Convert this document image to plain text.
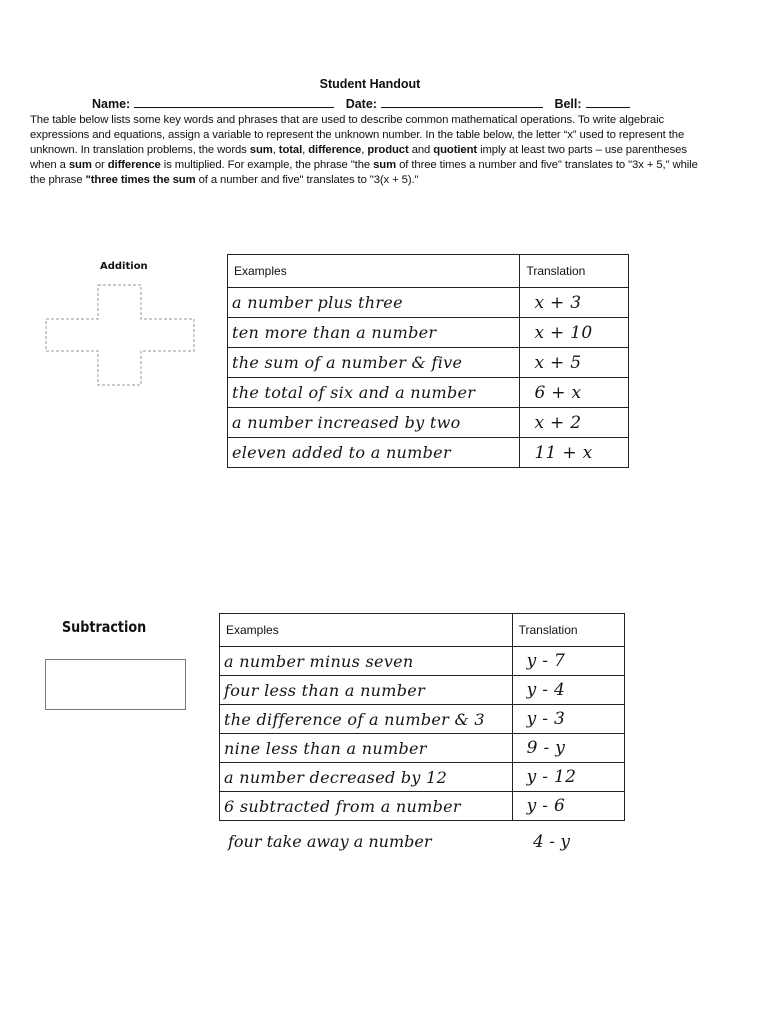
Student Handout
Name:	Date:	Bell:

The table below lists some key words and phrases that are used to describe common mathematical operations. To write algebraic expressions and equations, assign a variable to represent the unknown number. In the table below, the letter “x” used to represent the unknown. In translation problems, the words sum, total, difference, product and quotient imply at least two parts – use parentheses when a sum or difference is multiplied. For example, the phrase "the sum of three times a number and five" translates to "3x + 5," while the phrase "three times the sum of a number and five" translates to "3(x + 5)."

Addition	Examples	Translation
a number plus three	x + 3
ten more than a number	x + 10
the sum of a number & five	x + 5
the total of six and a number	6 + x
a number increased by two	x + 2
eleven added to a number	11 + x
Subtraction	Examples	Translation
a number minus seven	y - 7
four less than a number	y - 4
the difference of a number & 3	y - 3
nine less than a number	9 - y
a number decreased by 12	y - 12
6 subtracted from a number	y - 6
four take away a number	4 - y
